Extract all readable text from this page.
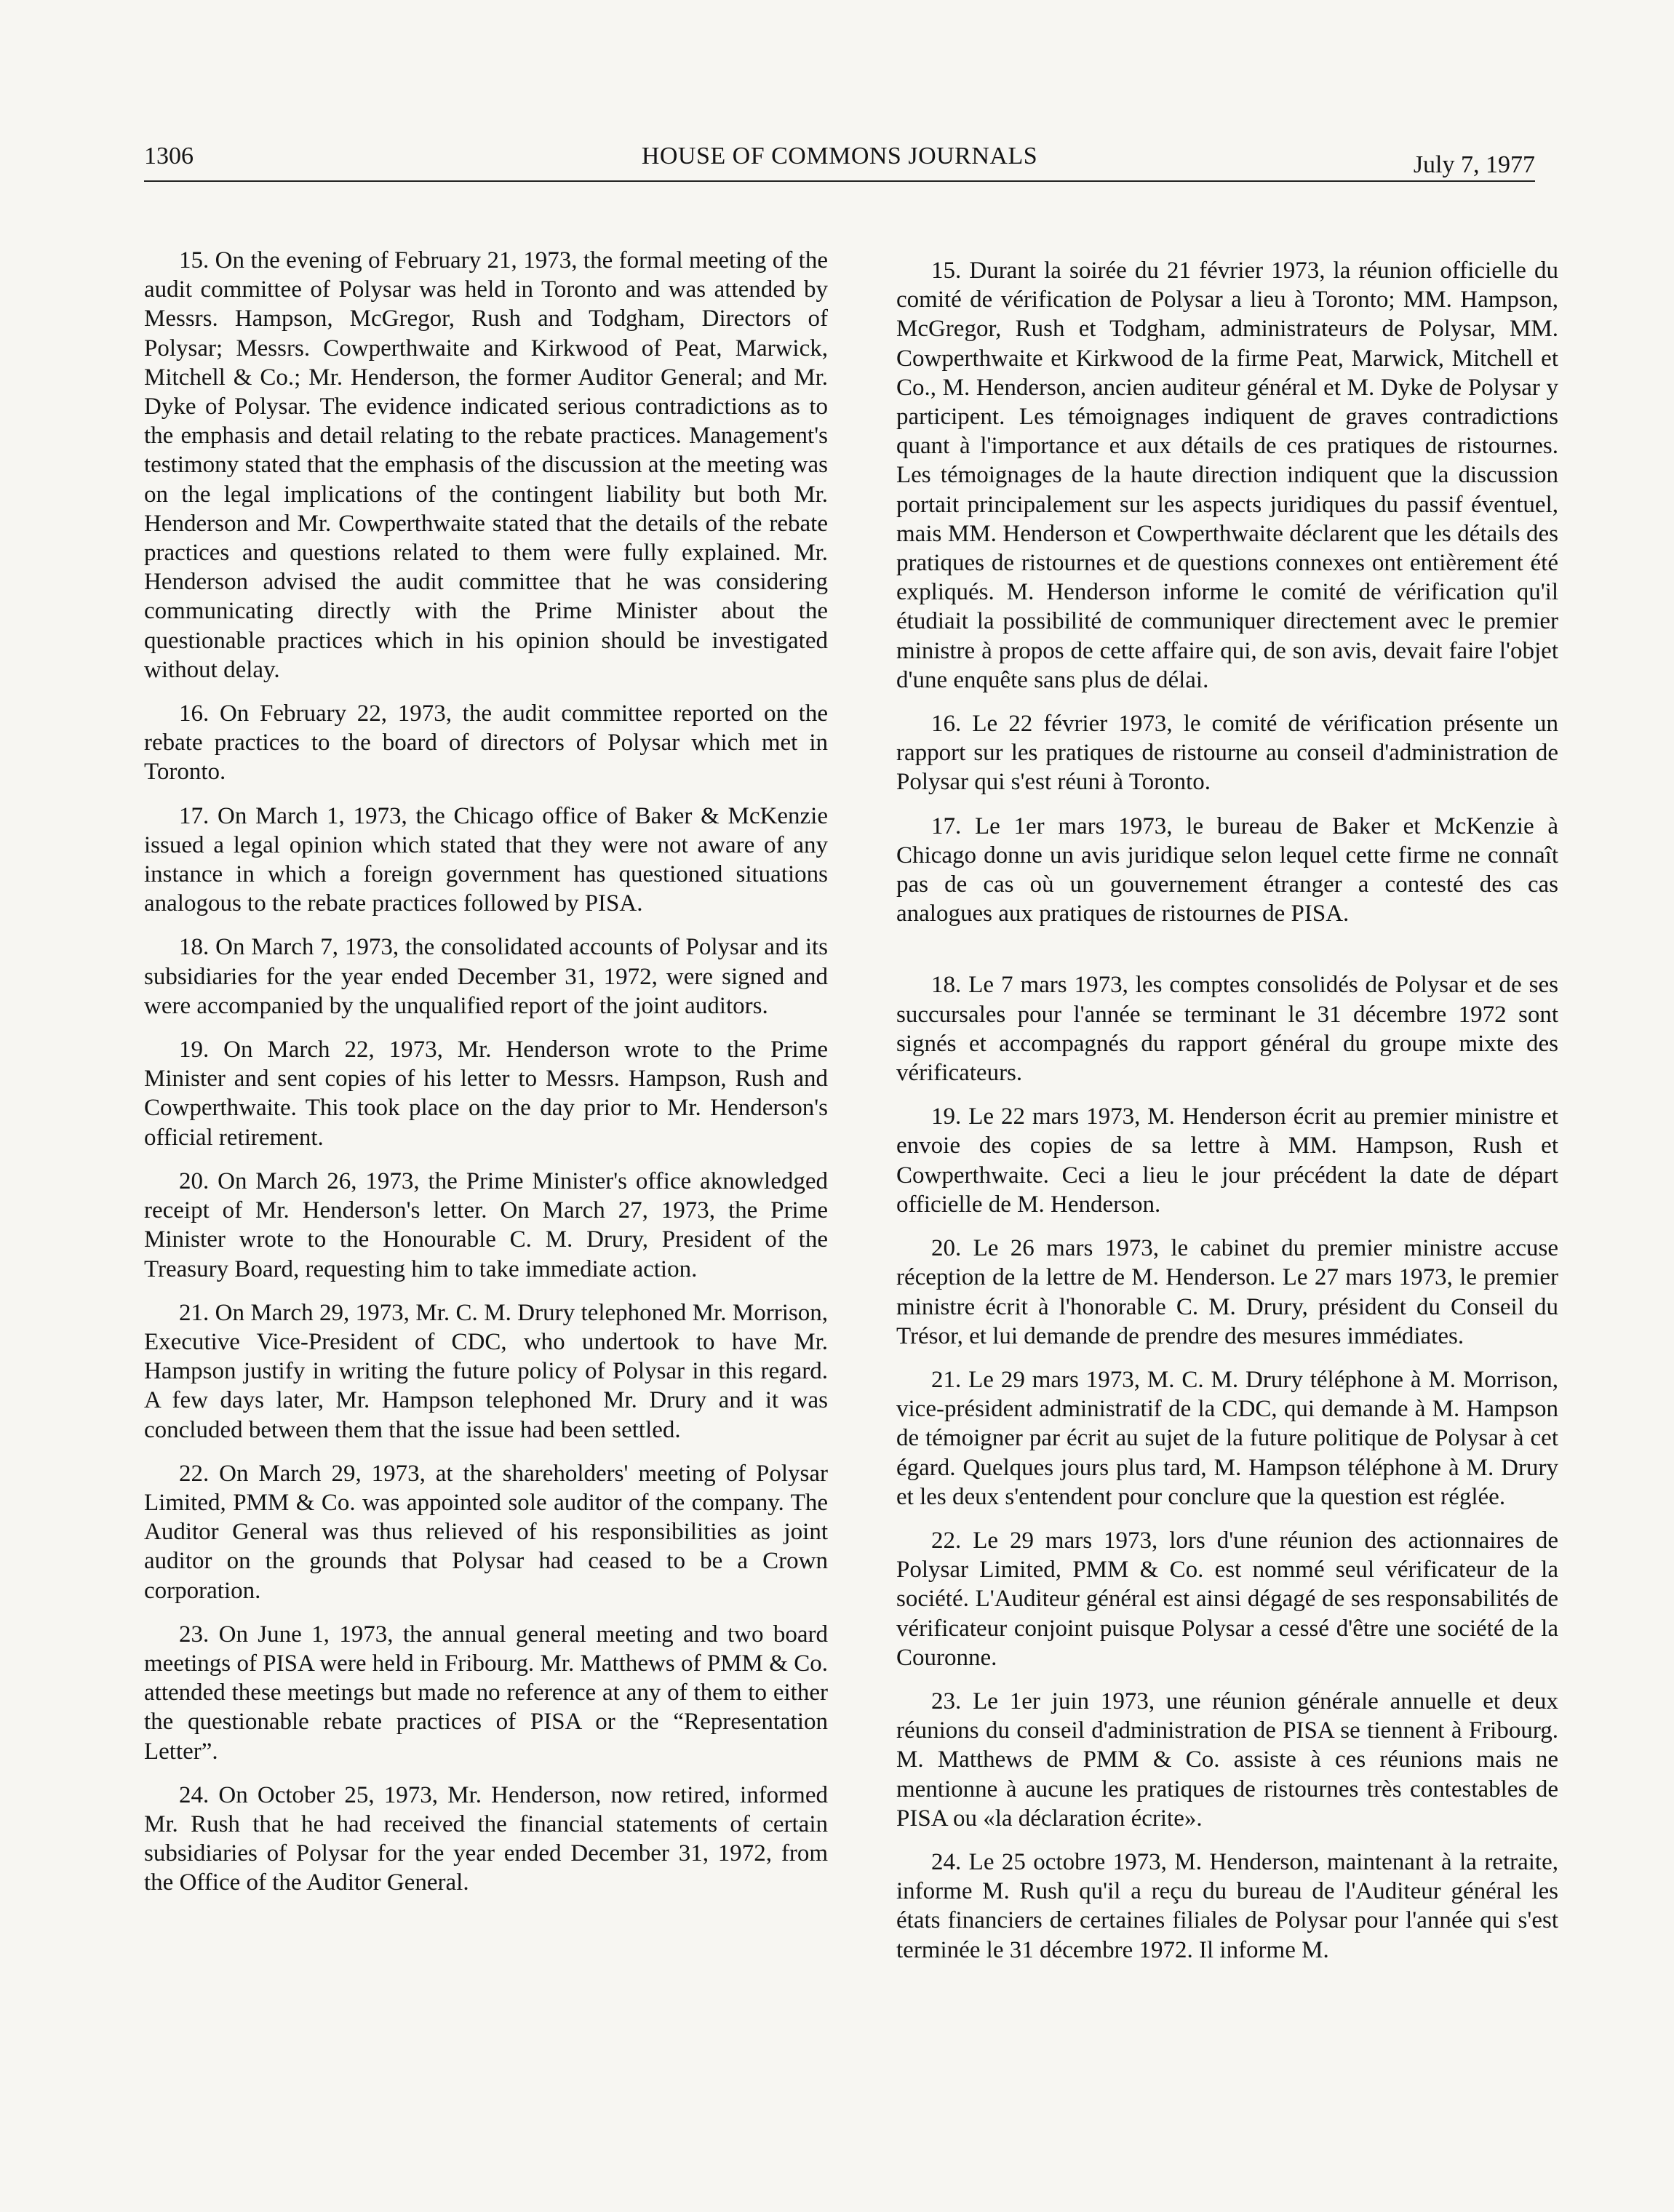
1306	HOUSE OF COMMONS JOURNALS	July 7, 1977

15. On the evening of February 21, 1973, the formal meeting of the audit committee of Polysar was held in Toronto and was attended by Messrs. Hampson, McGregor, Rush and Todgham, Directors of Polysar; Messrs. Cowperthwaite and Kirkwood of Peat, Marwick, Mitchell & Co.; Mr. Henderson, the former Auditor General; and Mr. Dyke of Polysar. The evidence indicated serious contradictions as to the emphasis and detail relating to the rebate practices. Management's testimony stated that the emphasis of the discussion at the meeting was on the legal implications of the contingent liability but both Mr. Henderson and Mr. Cowperthwaite stated that the details of the rebate practices and questions related to them were fully explained. Mr. Henderson advised the audit committee that he was considering communicating directly with the Prime Minister about the questionable practices which in his opinion should be investigated without delay.

16. On February 22, 1973, the audit committee reported on the rebate practices to the board of directors of Polysar which met in Toronto.

17. On March 1, 1973, the Chicago office of Baker & McKenzie issued a legal opinion which stated that they were not aware of any instance in which a foreign government has questioned situations analogous to the rebate practices followed by PISA.

18. On March 7, 1973, the consolidated accounts of Polysar and its subsidiaries for the year ended December 31, 1972, were signed and were accompanied by the unqualified report of the joint auditors.

19. On March 22, 1973, Mr. Henderson wrote to the Prime Minister and sent copies of his letter to Messrs. Hampson, Rush and Cowperthwaite. This took place on the day prior to Mr. Henderson's official retirement.

20. On March 26, 1973, the Prime Minister's office aknowledged receipt of Mr. Henderson's letter. On March 27, 1973, the Prime Minister wrote to the Honourable C. M. Drury, President of the Treasury Board, requesting him to take immediate action.

21. On March 29, 1973, Mr. C. M. Drury telephoned Mr. Morrison, Executive Vice-President of CDC, who undertook to have Mr. Hampson justify in writing the future policy of Polysar in this regard. A few days later, Mr. Hampson telephoned Mr. Drury and it was concluded between them that the issue had been settled.

22. On March 29, 1973, at the shareholders' meeting of Polysar Limited, PMM & Co. was appointed sole auditor of the company. The Auditor General was thus relieved of his responsibilities as joint auditor on the grounds that Polysar had ceased to be a Crown corporation.

23. On June 1, 1973, the annual general meeting and two board meetings of PISA were held in Fribourg. Mr. Matthews of PMM & Co. attended these meetings but made no reference at any of them to either the questionable rebate practices of PISA or the “Representation Letter”.

24. On October 25, 1973, Mr. Henderson, now retired, informed Mr. Rush that he had received the financial statements of certain subsidiaries of Polysar for the year ended December 31, 1972, from the Office of the Auditor General.

15. Durant la soirée du 21 février 1973, la réunion officielle du comité de vérification de Polysar a lieu à Toronto; MM. Hampson, McGregor, Rush et Todgham, administrateurs de Polysar, MM. Cowperthwaite et Kirkwood de la firme Peat, Marwick, Mitchell et Co., M. Henderson, ancien auditeur général et M. Dyke de Polysar y participent. Les témoignages indiquent de graves contradictions quant à l'importance et aux détails de ces pratiques de ristournes. Les témoignages de la haute direction indiquent que la discussion portait principalement sur les aspects juridiques du passif éventuel, mais MM. Henderson et Cowperthwaite déclarent que les détails des pratiques de ristournes et de questions connexes ont entièrement été expliqués. M. Henderson informe le comité de vérification qu'il étudiait la possibilité de communiquer directement avec le premier ministre à propos de cette affaire qui, de son avis, devait faire l'objet d'une enquête sans plus de délai.

16. Le 22 février 1973, le comité de vérification présente un rapport sur les pratiques de ristourne au conseil d'administration de Polysar qui s'est réuni à Toronto.

17. Le 1er mars 1973, le bureau de Baker et McKenzie à Chicago donne un avis juridique selon lequel cette firme ne connaît pas de cas où un gouvernement étranger a contesté des cas analogues aux pratiques de ristournes de PISA.

18. Le 7 mars 1973, les comptes consolidés de Polysar et de ses succursales pour l'année se terminant le 31 décembre 1972 sont signés et accompagnés du rapport général du groupe mixte des vérificateurs.

19. Le 22 mars 1973, M. Henderson écrit au premier ministre et envoie des copies de sa lettre à MM. Hampson, Rush et Cowperthwaite. Ceci a lieu le jour précédent la date de départ officielle de M. Henderson.

20. Le 26 mars 1973, le cabinet du premier ministre accuse réception de la lettre de M. Henderson. Le 27 mars 1973, le premier ministre écrit à l'honorable C. M. Drury, président du Conseil du Trésor, et lui demande de prendre des mesures immédiates.

21. Le 29 mars 1973, M. C. M. Drury téléphone à M. Morrison, vice-président administratif de la CDC, qui demande à M. Hampson de témoigner par écrit au sujet de la future politique de Polysar à cet égard. Quelques jours plus tard, M. Hampson téléphone à M. Drury et les deux s'entendent pour conclure que la question est réglée.

22. Le 29 mars 1973, lors d'une réunion des actionnaires de Polysar Limited, PMM & Co. est nommé seul vérificateur de la société. L'Auditeur général est ainsi dégagé de ses responsabilités de vérificateur conjoint puisque Polysar a cessé d'être une société de la Couronne.

23. Le 1er juin 1973, une réunion générale annuelle et deux réunions du conseil d'administration de PISA se tiennent à Fribourg. M. Matthews de PMM & Co. assiste à ces réunions mais ne mentionne à aucune les pratiques de ristournes très contestables de PISA ou «la déclaration écrite».

24. Le 25 octobre 1973, M. Henderson, maintenant à la retraite, informe M. Rush qu'il a reçu du bureau de l'Auditeur général les états financiers de certaines filiales de Polysar pour l'année qui s'est terminée le 31 décembre 1972. Il informe M.
